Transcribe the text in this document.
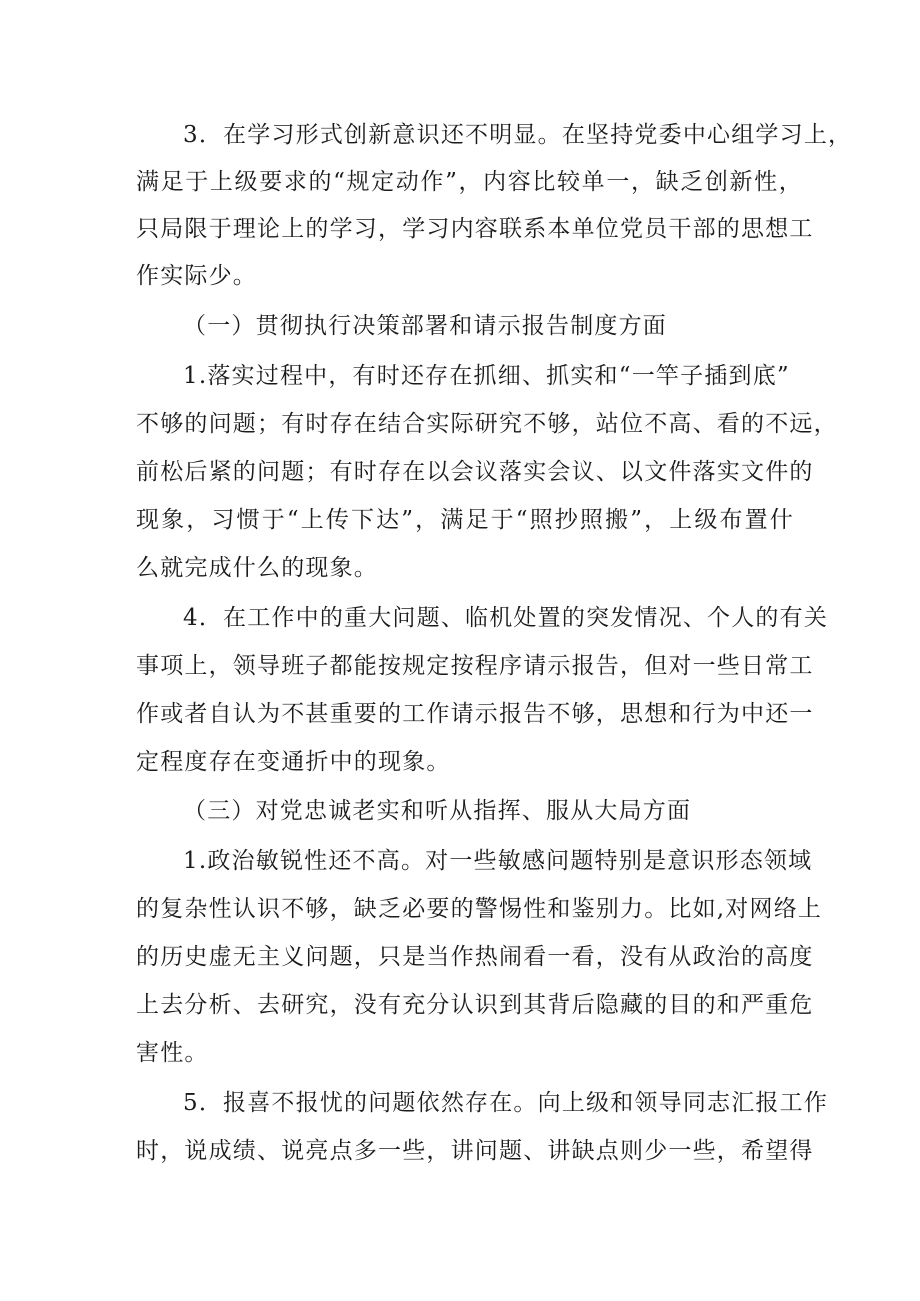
3．在学习形式创新意识还不明显。在坚持党委中心组学习上，
满足于上级要求的“规定动作”，内容比较单一，缺乏创新性，
只局限于理论上的学习，学习内容联系本单位党员干部的思想工
作实际少。
（一）贯彻执行决策部署和请示报告制度方面
1.落实过程中，有时还存在抓细、抓实和“一竿子插到底”
不够的问题；有时存在结合实际研究不够，站位不高、看的不远，
前松后紧的问题；有时存在以会议落实会议、以文件落实文件的
现象，习惯于“上传下达”，满足于“照抄照搬”，上级布置什
么就完成什么的现象。
4．在工作中的重大问题、临机处置的突发情况、个人的有关
事项上，领导班子都能按规定按程序请示报告，但对一些日常工
作或者自认为不甚重要的工作请示报告不够，思想和行为中还一
定程度存在变通折中的现象。
（三）对党忠诚老实和听从指挥、服从大局方面
1.政治敏锐性还不高。对一些敏感问题特别是意识形态领域
的复杂性认识不够，缺乏必要的警惕性和鉴别力。比如,对网络上
的历史虚无主义问题，只是当作热闹看一看，没有从政治的高度
上去分析、去研究，没有充分认识到其背后隐藏的目的和严重危
害性。
5．报喜不报忧的问题依然存在。向上级和领导同志汇报工作
时，说成绩、说亮点多一些，讲问题、讲缺点则少一些，希望得
